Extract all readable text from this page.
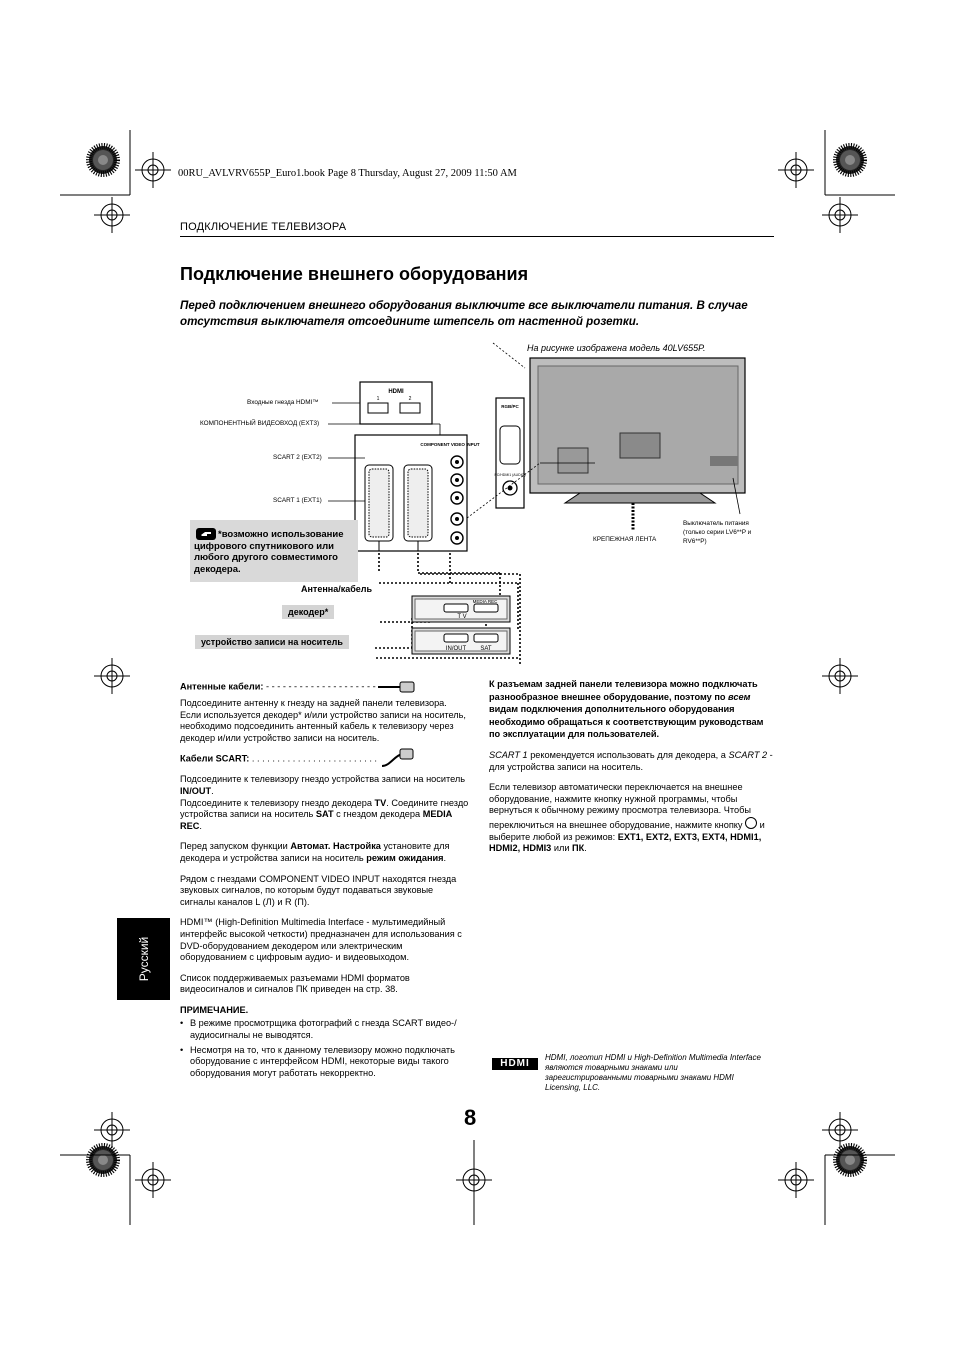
00RU_AVLVRV655P_Euro1.book Page 8 Thursday, August 27, 2009 11:50 AM
ПОДКЛЮЧЕНИЕ ТЕЛЕВИЗОРА
Подключение внешнего оборудования
Перед подключением внешнего оборудования выключите все выключатели питания. В случае отсутствия выключателя отсоедините штепсель от настенной розетки.
На рисунке изображена модель 40LV655P.
HDMI
1	2
COMPONENT VIDEO INPUT
RGB/PC
PC/HDMI1 (AUDIO)
MEDIA REC
T V
IN/OUT SAT
Входные гнезда HDMI™
КОМПОНЕНТНЫЙ ВИДЕОВХОД (EXT3)
SCART 2 (EXT2)
SCART 1 (EXT1)
КРЕПЕЖНАЯ ЛЕНТА
Выключатель питания (только серии LV6**P и RV6**P)
Антенна/кабель
*возможно использование цифрового спутникового или любого другого совместимого декодера.
декодер*
устройство записи на носитель

Антенные кабели: - - - - - - - - - - - - - - - - - - - -

Подсоедините антенну к гнезду на задней панели телевизора. Если используется декодер* и/или устройство записи на носитель, необходимо подсоединить антенный кабель к телевизору через декодер и/или устройство записи на носитель.

Кабели SCART: . . . . . . . . . . . . . . . . . . . . . . . . .

Подсоедините к телевизору гнездо устройства записи на носитель IN/OUT.

Подсоедините к телевизору гнездо декодера TV. Соедините гнездо устройства записи на носитель SAT с гнездом декодера MEDIA REC.

Перед запуском функции Автомат. Настройка установите для декодера и устройства записи на носитель режим ожидания.

Рядом с гнездами COMPONENT VIDEO INPUT находятся гнезда звуковых сигналов, по которым будут подаваться звуковые сигналы каналов L (Л) и R (П).

HDMI™ (High-Definition Multimedia Interface - мультимедийный интерфейс высокой четкости) предназначен для использования с DVD-оборудованием декодером или электрическим оборудованием с цифровым аудио- и видеовыходом.

Список поддерживаемых разъемами HDMI форматов видеосигналов и сигналов ПК приведен на стр. 38.

ПРИМЕЧАНИЕ.

• В режиме просмотрщика фотографий с гнезда SCART видео-/аудиосигналы не выводятся.
• Несмотря на то, что к данному телевизору можно подключать оборудование с интерфейсом HDMI, некоторые виды такого оборудования могут работать некорректно.

К разъемам задней панели телевизора можно подключать разнообразное внешнее оборудование, поэтому по всем видам подключения дополнительного оборудования необходимо обращаться к соответствующим руководствам по эксплуатации для пользователей.

SCART 1 рекомендуется использовать для декодера, а SCART 2 - для устройства записи на носитель.

Если телевизор автоматически переключается на внешнее оборудование, нажмите кнопку нужной программы, чтобы вернуться к обычному режиму просмотра телевизора. Чтобы переключиться на внешнее оборудование, нажмите кнопку  и выберите любой из режимов: EXT1, EXT2, EXT3, EXT4, HDMI1, HDMI2, HDMI3 или ПК.

Русский
HDMI
HDMI, логотип HDMI и High-Definition Multimedia Interface являются товарными знаками или зарегистрированными товарными знаками HDMI Licensing, LLC.
8
